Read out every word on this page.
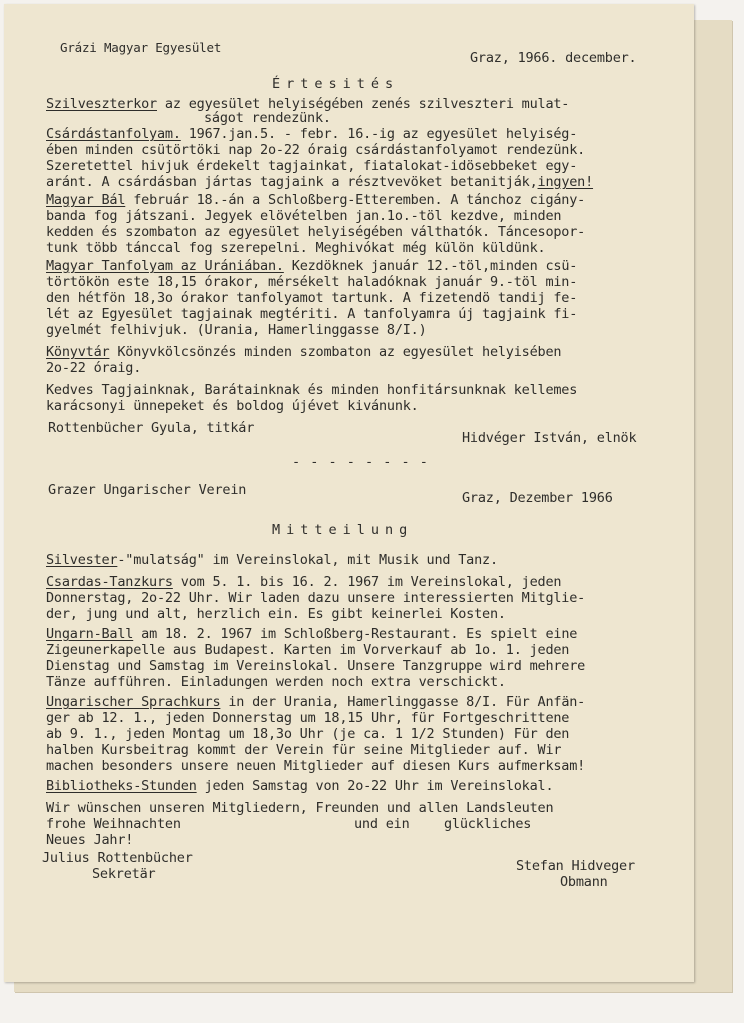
Grázi Magyar Egyesület
Graz, 1966. december.
Értesités
Szilveszterkor az egyesület helyiségében zenés szilveszteri mulat-
ságot rendezünk.
Csárdástanfolyam. 1967.jan.5. - febr. 16.-ig az egyesület helyiség-
ében minden csütörtöki nap 2o-22 óraig csárdástanfolyamot rendezünk.
Szeretettel hivjuk érdekelt tagjainkat, fiatalokat-idösebbeket egy-
aránt. A csárdásban jártas tagjaink a résztvevöket betanitják,ingyen!
Magyar Bál február 18.-án a Schloßberg-Etteremben. A tánchoz cigány-
banda fog játszani. Jegyek elövételben jan.1o.-töl kezdve, minden
kedden és szombaton az egyesület helyiségében válthatók. Táncesopor-
tunk több tánccal fog szerepelni. Meghivókat még külön küldünk.
Magyar Tanfolyam az Urániában. Kezdöknek január 12.-töl,minden csü-
törtökön este 18,15 órakor, mérsékelt haladóknak január 9.-töl min-
den hétfön 18,3o órakor tanfolyamot tartunk. A fizetendö tandij fe-
lét az Egyesület tagjainak megtériti. A tanfolyamra új tagjaink fi-
gyelmét felhivjuk. (Urania, Hamerlinggasse 8/I.)
Könyvtár Könyvkölcsönzés minden szombaton az egyesület helyisében
2o-22 óraig.
Kedves Tagjainknak, Barátainknak és minden honfitársunknak kellemes
karácsonyi ünnepeket és boldog újévet kivánunk.
Rottenbücher Gyula, titkár
Hidvéger István, elnök
- - - - - - - -
Grazer Ungarischer Verein	Graz, Dezember 1966
Mitteilung
Silvester-"mulatság" im Vereinslokal, mit Musik und Tanz.
Csardas-Tanzkurs vom 5. 1. bis 16. 2. 1967 im Vereinslokal, jeden
Donnerstag, 2o-22 Uhr. Wir laden dazu unsere interessierten Mitglie-
der, jung und alt, herzlich ein. Es gibt keinerlei Kosten.
Ungarn-Ball am 18. 2. 1967 im Schloßberg-Restaurant. Es spielt eine
Zigeunerkapelle aus Budapest. Karten im Vorverkauf ab 1o. 1. jeden
Dienstag und Samstag im Vereinslokal. Unsere Tanzgruppe wird mehrere
Tänze aufführen. Einladungen werden noch extra verschickt.
Ungarischer Sprachkurs in der Urania, Hamerlinggasse 8/I. Für Anfän-
ger ab 12. 1., jeden Donnerstag um 18,15 Uhr, für Fortgeschrittene
ab 9. 1., jeden Montag um 18,3o Uhr (je ca. 1 1/2 Stunden) Für den
halben Kursbeitrag kommt der Verein für seine Mitglieder auf. Wir
machen besonders unsere neuen Mitglieder auf diesen Kurs aufmerksam!
Bibliotheks-Stunden jeden Samstag von 2o-22 Uhr im Vereinslokal.
Wir wünschen unseren Mitgliedern, Freunden und allen Landsleuten
frohe Weihnachten	und ein	glückliches
Neues Jahr!
Julius Rottenbücher
Sekretär	Stefan Hidveger
Obmann
